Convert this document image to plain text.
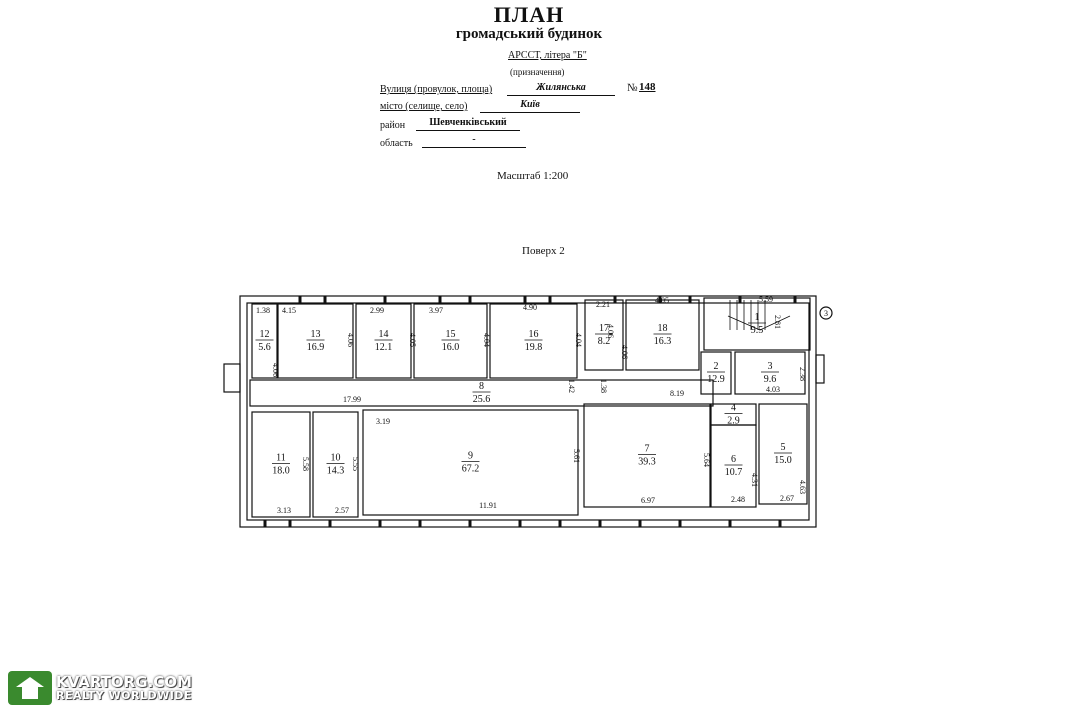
ПЛАН
громадський будинок
АРССТ, літера "Б"
(призначення)
Вулиця (провулок, площа)	Жилянська	№ 148
місто (селище, село)	Київ
район	Шевченківський
область	-
Масштаб 1:200
Поверх 2
12
5.6
13
16.9
14
12.1
15
16.0
16
19.8
17
8.2
18
16.3
1
9.5
2
12.9
3
9.6
8
25.6
11
18.0
10
14.3
9
67.2
7
39.3
4
2.9
6
10.7
5
15.0
1.38 4.15	2.99	3.97	4.90	2.21	4.05	5.59
2.81
4.06
4.06	4.05	4.04	4.04
4.06
4.06
2.38
4.03
1.42	1.38
17.99
8.19
3.19
5.58	5.55
5.61	5.64
4.31	4.63
3.13	2.57
11.91
6.97	2.48	2.67
3
KVARTORG.COM
REALTY WORLDWIDE
